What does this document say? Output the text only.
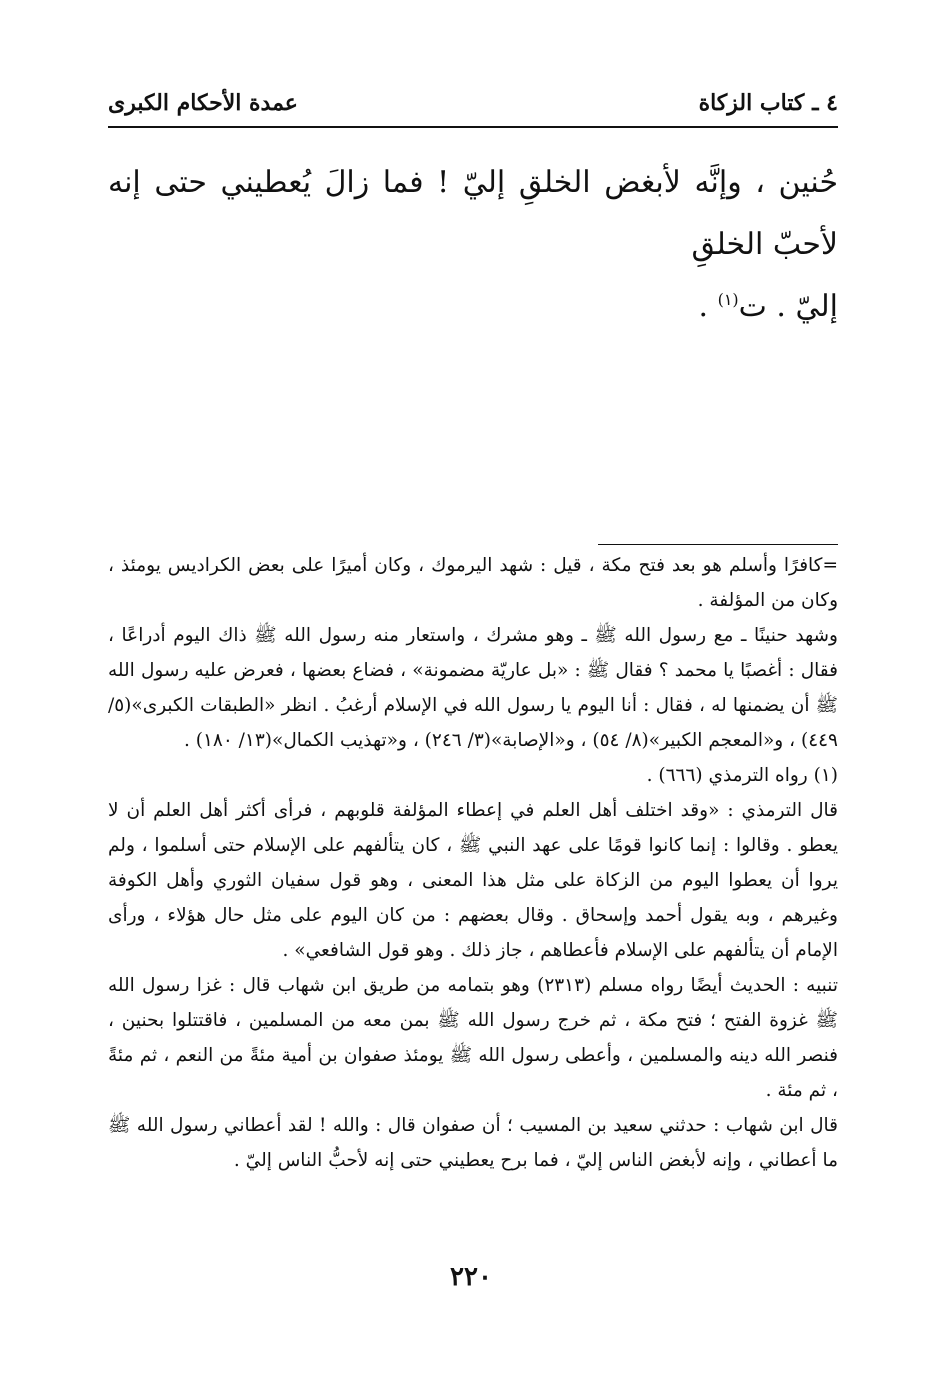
٤ ـ كتاب الزكاة
عمدة الأحكام الكبرى

حُنين ، وإنَّه لأبغض الخلقِ إليّ ! فما زالَ يُعطيني حتى إنه لأحبّ الخلقِ

إليّ . ت$^{(١)}$ .

=كافرًا وأسلم هو بعد فتح مكة ، قيل : شهد اليرموك ، وكان أميرًا على بعض الكراديس يومئذ ، وكان من المؤلفة .

وشهد حنينًا ـ مع رسول الله ﷺ ـ وهو مشرك ، واستعار منه رسول الله ﷺ ذاك اليوم أدراعًا ، فقال : أغصبًا يا محمد ؟ فقال ﷺ : «بل عاريّة مضمونة» ، فضاع بعضها ، فعرض عليه رسول الله ﷺ أن يضمنها له ، فقال : أنا اليوم يا رسول الله في الإسلام أرغبُ . انظر «الطبقات الكبرى»(٥/ ٤٤٩) ، و«المعجم الكبير»(٨/ ٥٤) ، و«الإصابة»(٣/ ٢٤٦) ، و«تهذيب الكمال»(١٣/ ١٨٠) .

(١) رواه الترمذي (٦٦٦) .

قال الترمذي : «وقد اختلف أهل العلم في إعطاء المؤلفة قلوبهم ، فرأى أكثر أهل العلم أن لا يعطو . وقالوا : إنما كانوا قومًا على عهد النبي ﷺ ، كان يتألفهم على الإسلام حتى أسلموا ، ولم يروا أن يعطوا اليوم من الزكاة على مثل هذا المعنى ، وهو قول سفيان الثوري وأهل الكوفة وغيرهم ، وبه يقول أحمد وإسحاق . وقال بعضهم : من كان اليوم على مثل حال هؤلاء ، ورأى الإمام أن يتألفهم على الإسلام فأعطاهم ، جاز ذلك . وهو قول الشافعي» .

تنبيه : الحديث أيضًا رواه مسلم (٢٣١٣) وهو بتمامه من طريق ابن شهاب قال : غزا رسول الله ﷺ غزوة الفتح ؛ فتح مكة ، ثم خرج رسول الله ﷺ بمن معه من المسلمين ، فاقتتلوا بحنين ، فنصر الله دينه والمسلمين ، وأعطى رسول الله ﷺ يومئذ صفوان بن أمية مئةً من النعم ، ثم مئةً ، ثم مئة .

قال ابن شهاب : حدثني سعيد بن المسيب ؛ أن صفوان قال : والله ! لقد أعطاني رسول الله ﷺ ما أعطاني ، وإنه لأبغض الناس إليّ ، فما برح يعطيني حتى إنه لأحبُّ الناس إليّ .

٢٢٠
